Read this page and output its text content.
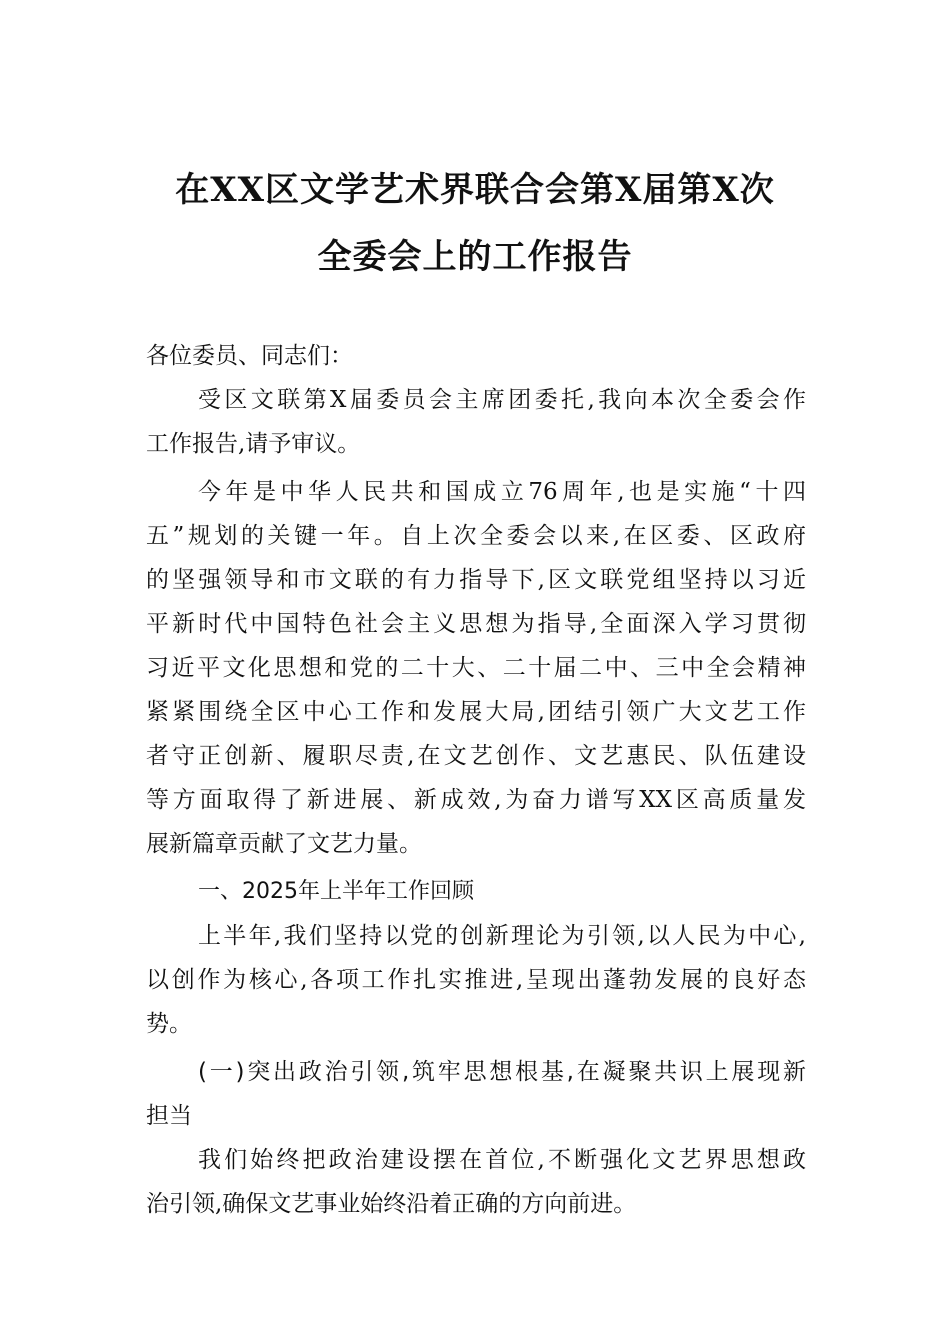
在XX区文学艺术界联合会第X届第X次
全委会上的工作报告
各位委员、同志们：
受区文联第X届委员会主席团委托,我向本次全委会作
工作报告,请予审议。
今年是中华人民共和国成立76周年,也是实施“十四
五”规划的关键一年。自上次全委会以来,在区委、区政府
的坚强领导和市文联的有力指导下,区文联党组坚持以习近
平新时代中国特色社会主义思想为指导,全面深入学习贯彻
习近平文化思想和党的二十大、二十届二中、三中全会精神
紧紧围绕全区中心工作和发展大局,团结引领广大文艺工作
者守正创新、履职尽责,在文艺创作、文艺惠民、队伍建设
等方面取得了新进展、新成效,为奋力谱写XX区高质量发
展新篇章贡献了文艺力量。
一、2025年上半年工作回顾
上半年,我们坚持以党的创新理论为引领,以人民为中心,
以创作为核心,各项工作扎实推进,呈现出蓬勃发展的良好态
势。
(一)突出政治引领,筑牢思想根基,在凝聚共识上展现新
担当
我们始终把政治建设摆在首位,不断强化文艺界思想政
治引领,确保文艺事业始终沿着正确的方向前进。
